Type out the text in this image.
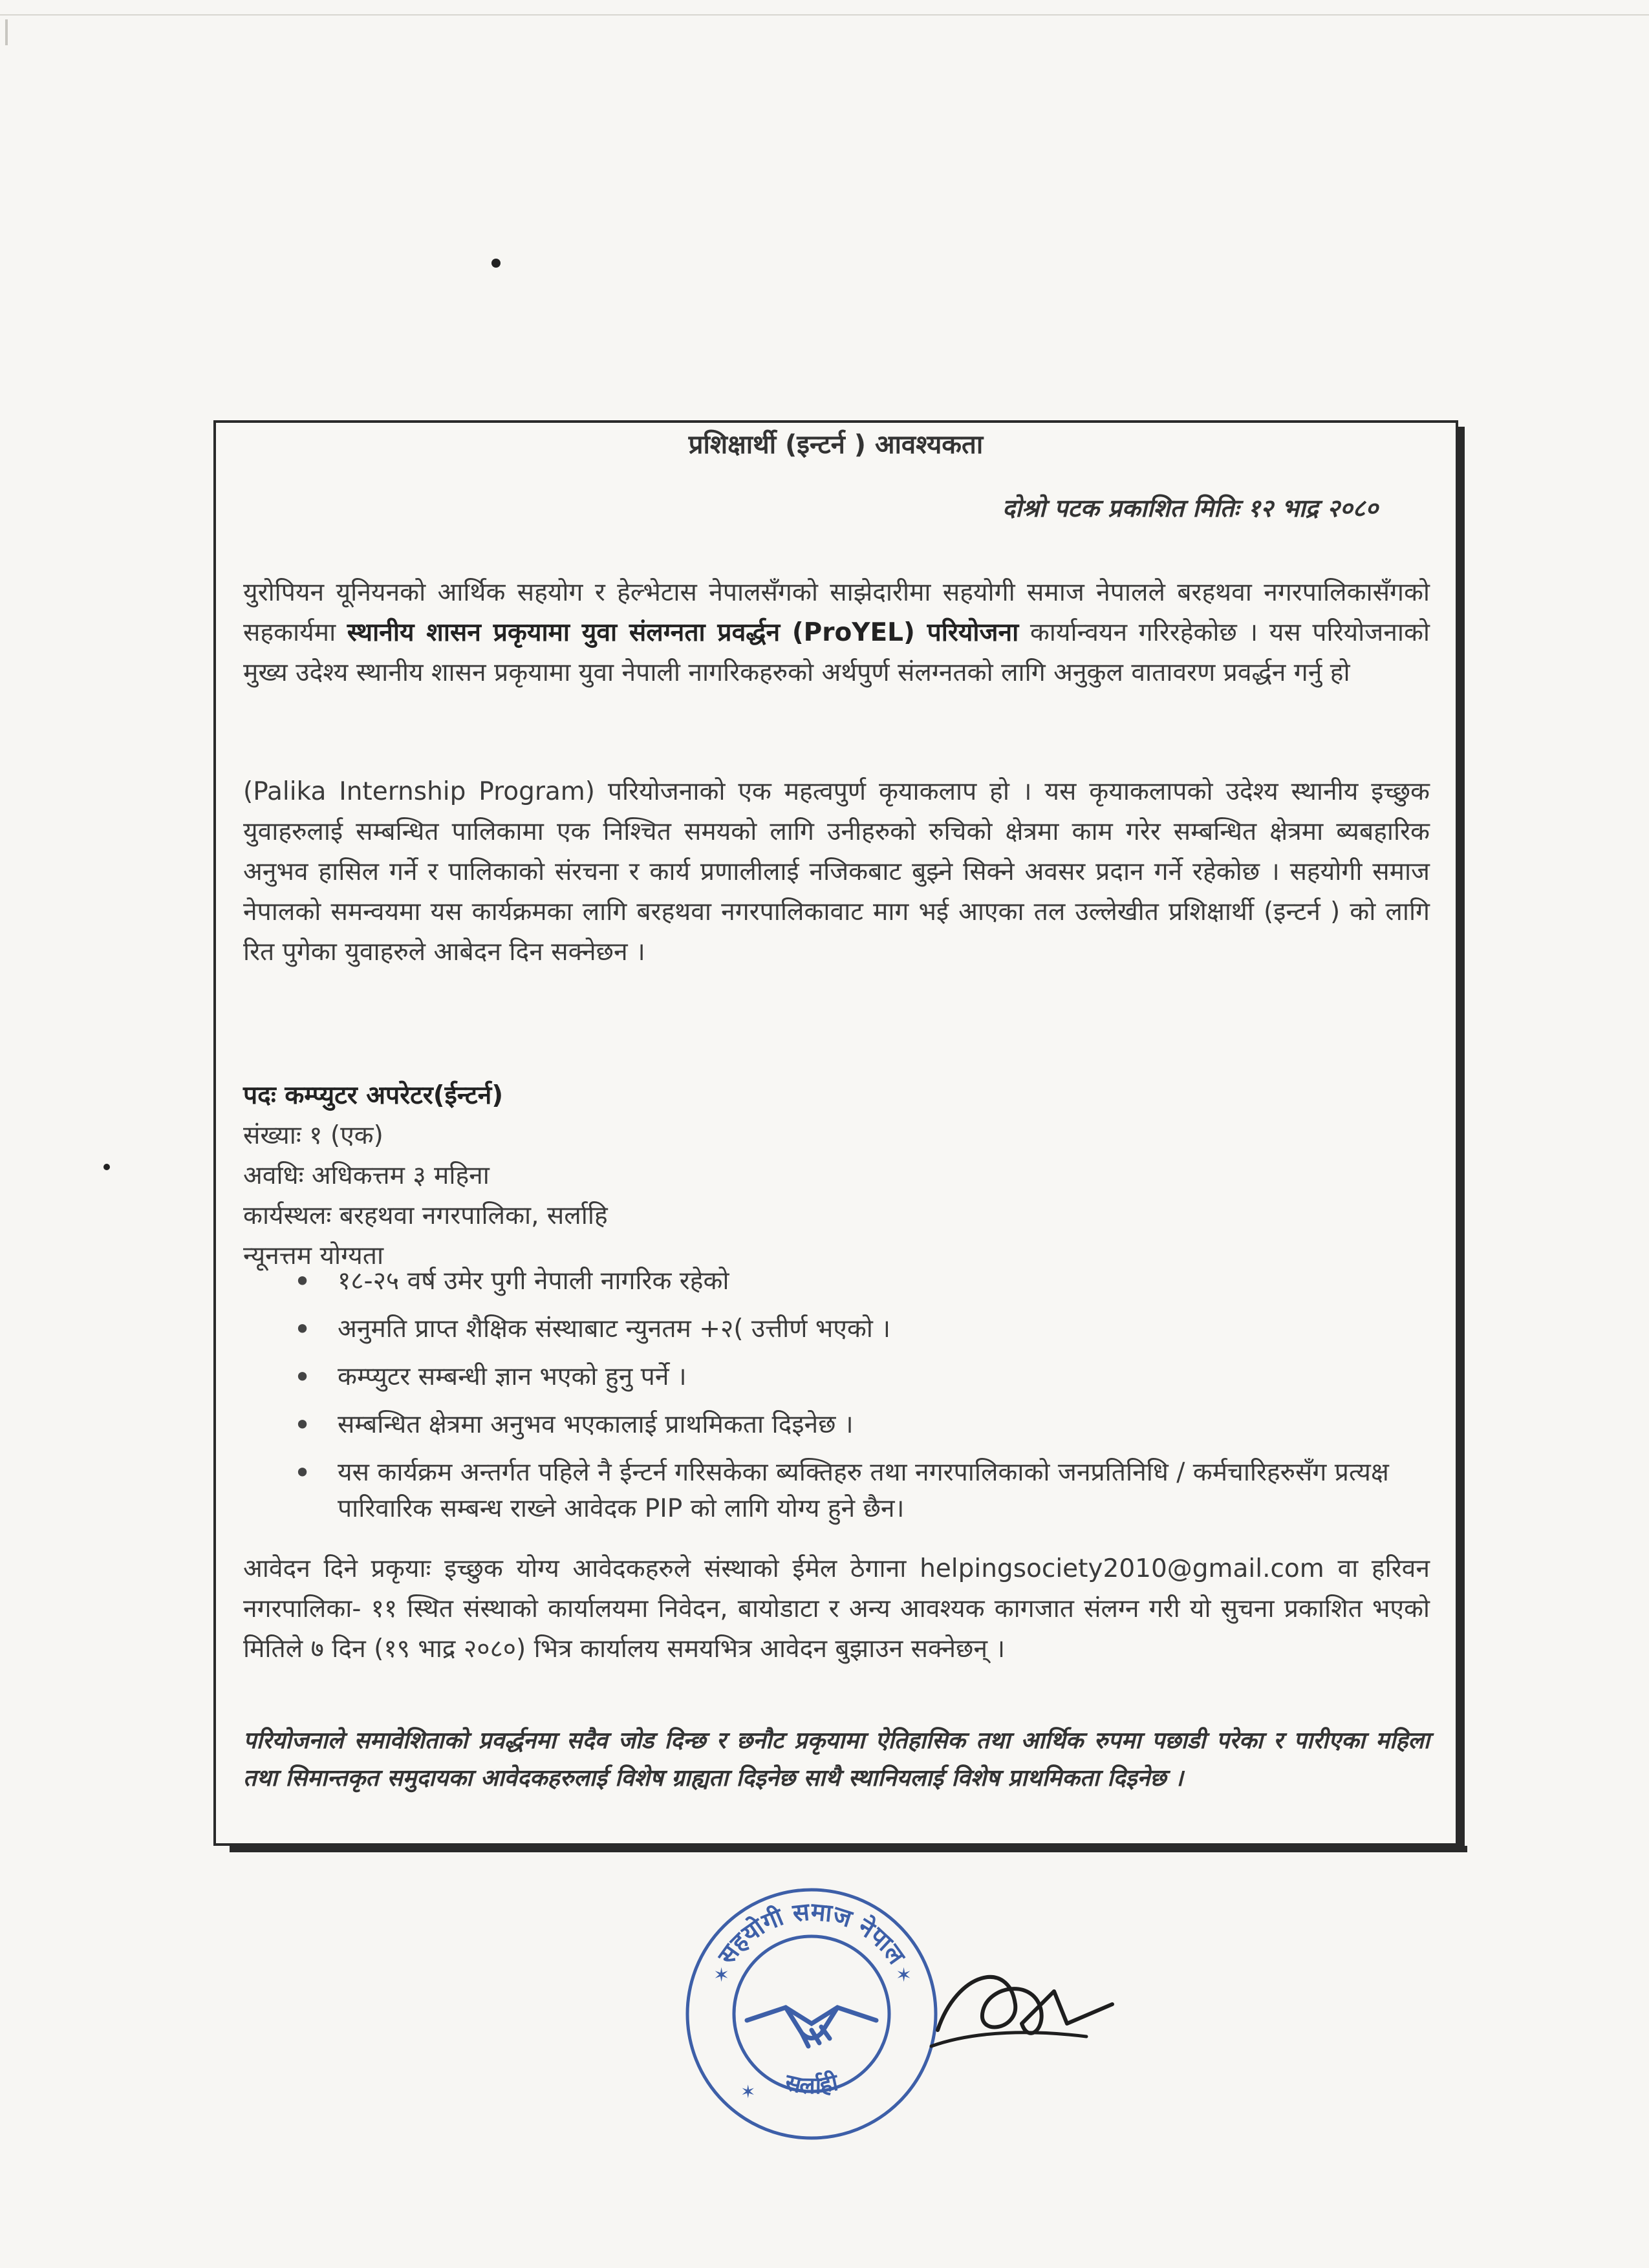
प्रशिक्षार्थी (इन्टर्न ) आवश्यकता
दोश्रो पटक प्रकाशित मितिः १२ भाद्र २०८०

युरोपियन यूनियनको आर्थिक सहयोग र हेल्भेटास नेपालसँगको साझेदारीमा सहयोगी समाज नेपालले बरहथवा नगरपालिकासँगको सहकार्यमा स्थानीय शासन प्रकृयामा युवा संलग्नता प्रवर्द्धन (ProYEL) परियोजना कार्यान्वयन गरिरहेकोछ । यस परियोजनाको मुख्य उदेश्य स्थानीय शासन प्रकृयामा युवा नेपाली नागरिकहरुको अर्थपुर्ण संलग्नतको लागि अनुकुल वातावरण प्रवर्द्धन गर्नु हो

(Palika Internship Program) परियोजनाको एक महत्वपुर्ण कृयाकलाप हो । यस कृयाकलापको उदेश्य स्थानीय इच्छुक युवाहरुलाई सम्बन्धित पालिकामा एक निश्चित समयको लागि उनीहरुको रुचिको क्षेत्रमा काम गरेर सम्बन्धित क्षेत्रमा ब्यबहारिक अनुभव हासिल गर्ने र पालिकाको संरचना र कार्य प्रणालीलाई नजिकबाट बुझ्ने सिक्ने अवसर प्रदान गर्ने रहेकोछ । सहयोगी समाज नेपालको समन्वयमा यस कार्यक्रमका लागि बरहथवा नगरपालिकावाट माग भई आएका तल उल्लेखीत प्रशिक्षार्थी (इन्टर्न ) को लागि रित पुगेका युवाहरुले आबेदन दिन सक्नेछन ।

पदः कम्प्युटर अपरेटर(ईन्टर्न)
संख्याः १ (एक)
अवधिः अधिकत्तम ३ महिना
कार्यस्थलः बरहथवा नगरपालिका, सर्लाहि
न्यूनत्तम योग्यता
• १८-२५ वर्ष उमेर पुगी नेपाली नागरिक रहेको
• अनुमति प्राप्त शैक्षिक संस्थाबाट न्युनतम +२( उत्तीर्ण भएको ।
• कम्प्युटर सम्बन्धी ज्ञान भएको हुनु पर्ने ।
• सम्बन्धित क्षेत्रमा अनुभव भएकालाई प्राथमिकता दिइनेछ ।
• यस कार्यक्रम अन्तर्गत पहिले नै ईन्टर्न गरिसकेका ब्यक्तिहरु तथा नगरपालिकाको जनप्रतिनिधि / कर्मचारिहरुसँग प्रत्यक्ष पारिवारिक सम्बन्ध राख्ने आवेदक PIP को लागि योग्य हुने छैन।

आवेदन दिने प्रकृयाः इच्छुक योग्य आवेदकहरुले संस्थाको ईमेल ठेगाना helpingsociety2010@gmail.com वा हरिवन नगरपालिका- ११ स्थित संस्थाको कार्यालयमा निवेदन, बायोडाटा र अन्य आवश्यक कागजात संलग्न गरी यो सुचना प्रकाशित भएको मितिले ७ दिन (१९ भाद्र २०८०) भित्र कार्यालय समयभित्र आवेदन बुझाउन सक्नेछन् ।

परियोजनाले समावेशिताको प्रवर्द्धनमा सदैव जोड दिन्छ र छनौट प्रकृयामा ऐतिहासिक तथा आर्थिक रुपमा पछाडी परेका र पारीएका महिला तथा सिमान्तकृत समुदायका आवेदकहरुलाई विशेष ग्राह्यता दिइनेछ साथै स्थानियलाई विशेष प्राथमिकता दिइनेछ ।

सहयोगी समाज नेपाल
सर्लाही
✶	✶
✶
